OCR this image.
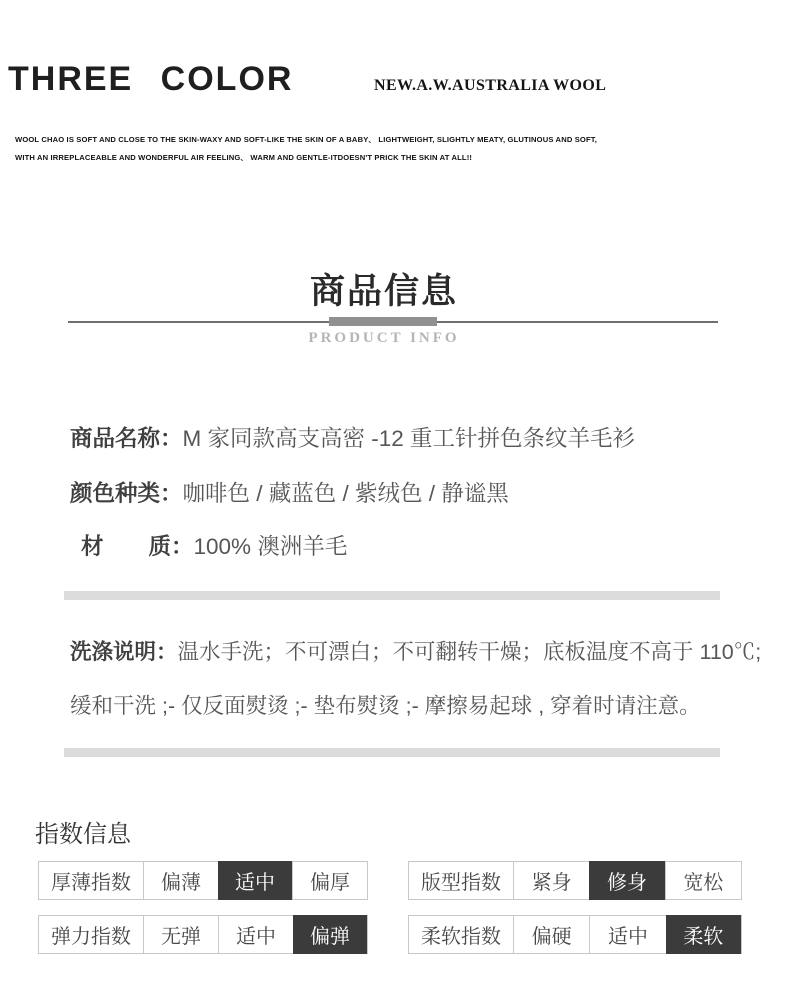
THREE COLOR	NEW.A.W.AUSTRALIA WOOL
WOOL CHAO IS SOFT AND CLOSE TO THE SKIN-WAXY AND SOFT-LIKE THE SKIN OF A BABY、 LIGHTWEIGHT, SLIGHTLY MEATY, GLUTINOUS AND SOFT,
WITH AN IRREPLACEABLE AND WONDERFUL AIR FEELING、 WARM AND GENTLE-ITDOESN'T PRICK THE SKIN AT ALL!!
商品信息
PRODUCT INFO
商品名称：M 家同款高支高密 -12 重工针拼色条纹羊毛衫
颜色种类：咖啡色 / 藏蓝色 / 紫绒色 / 静谧黑
材　　质：100% 澳洲羊毛
洗涤说明：温水手洗；不可漂白；不可翻转干燥；底板温度不高于 110℃;
缓和干洗 ;- 仅反面熨烫 ;- 垫布熨烫 ;- 摩擦易起球 , 穿着时请注意。
指数信息
厚薄指数	偏薄	适中	偏厚	版型指数	紧身	修身	宽松
弹力指数	无弹	适中	偏弹	柔软指数	偏硬	适中	柔软
